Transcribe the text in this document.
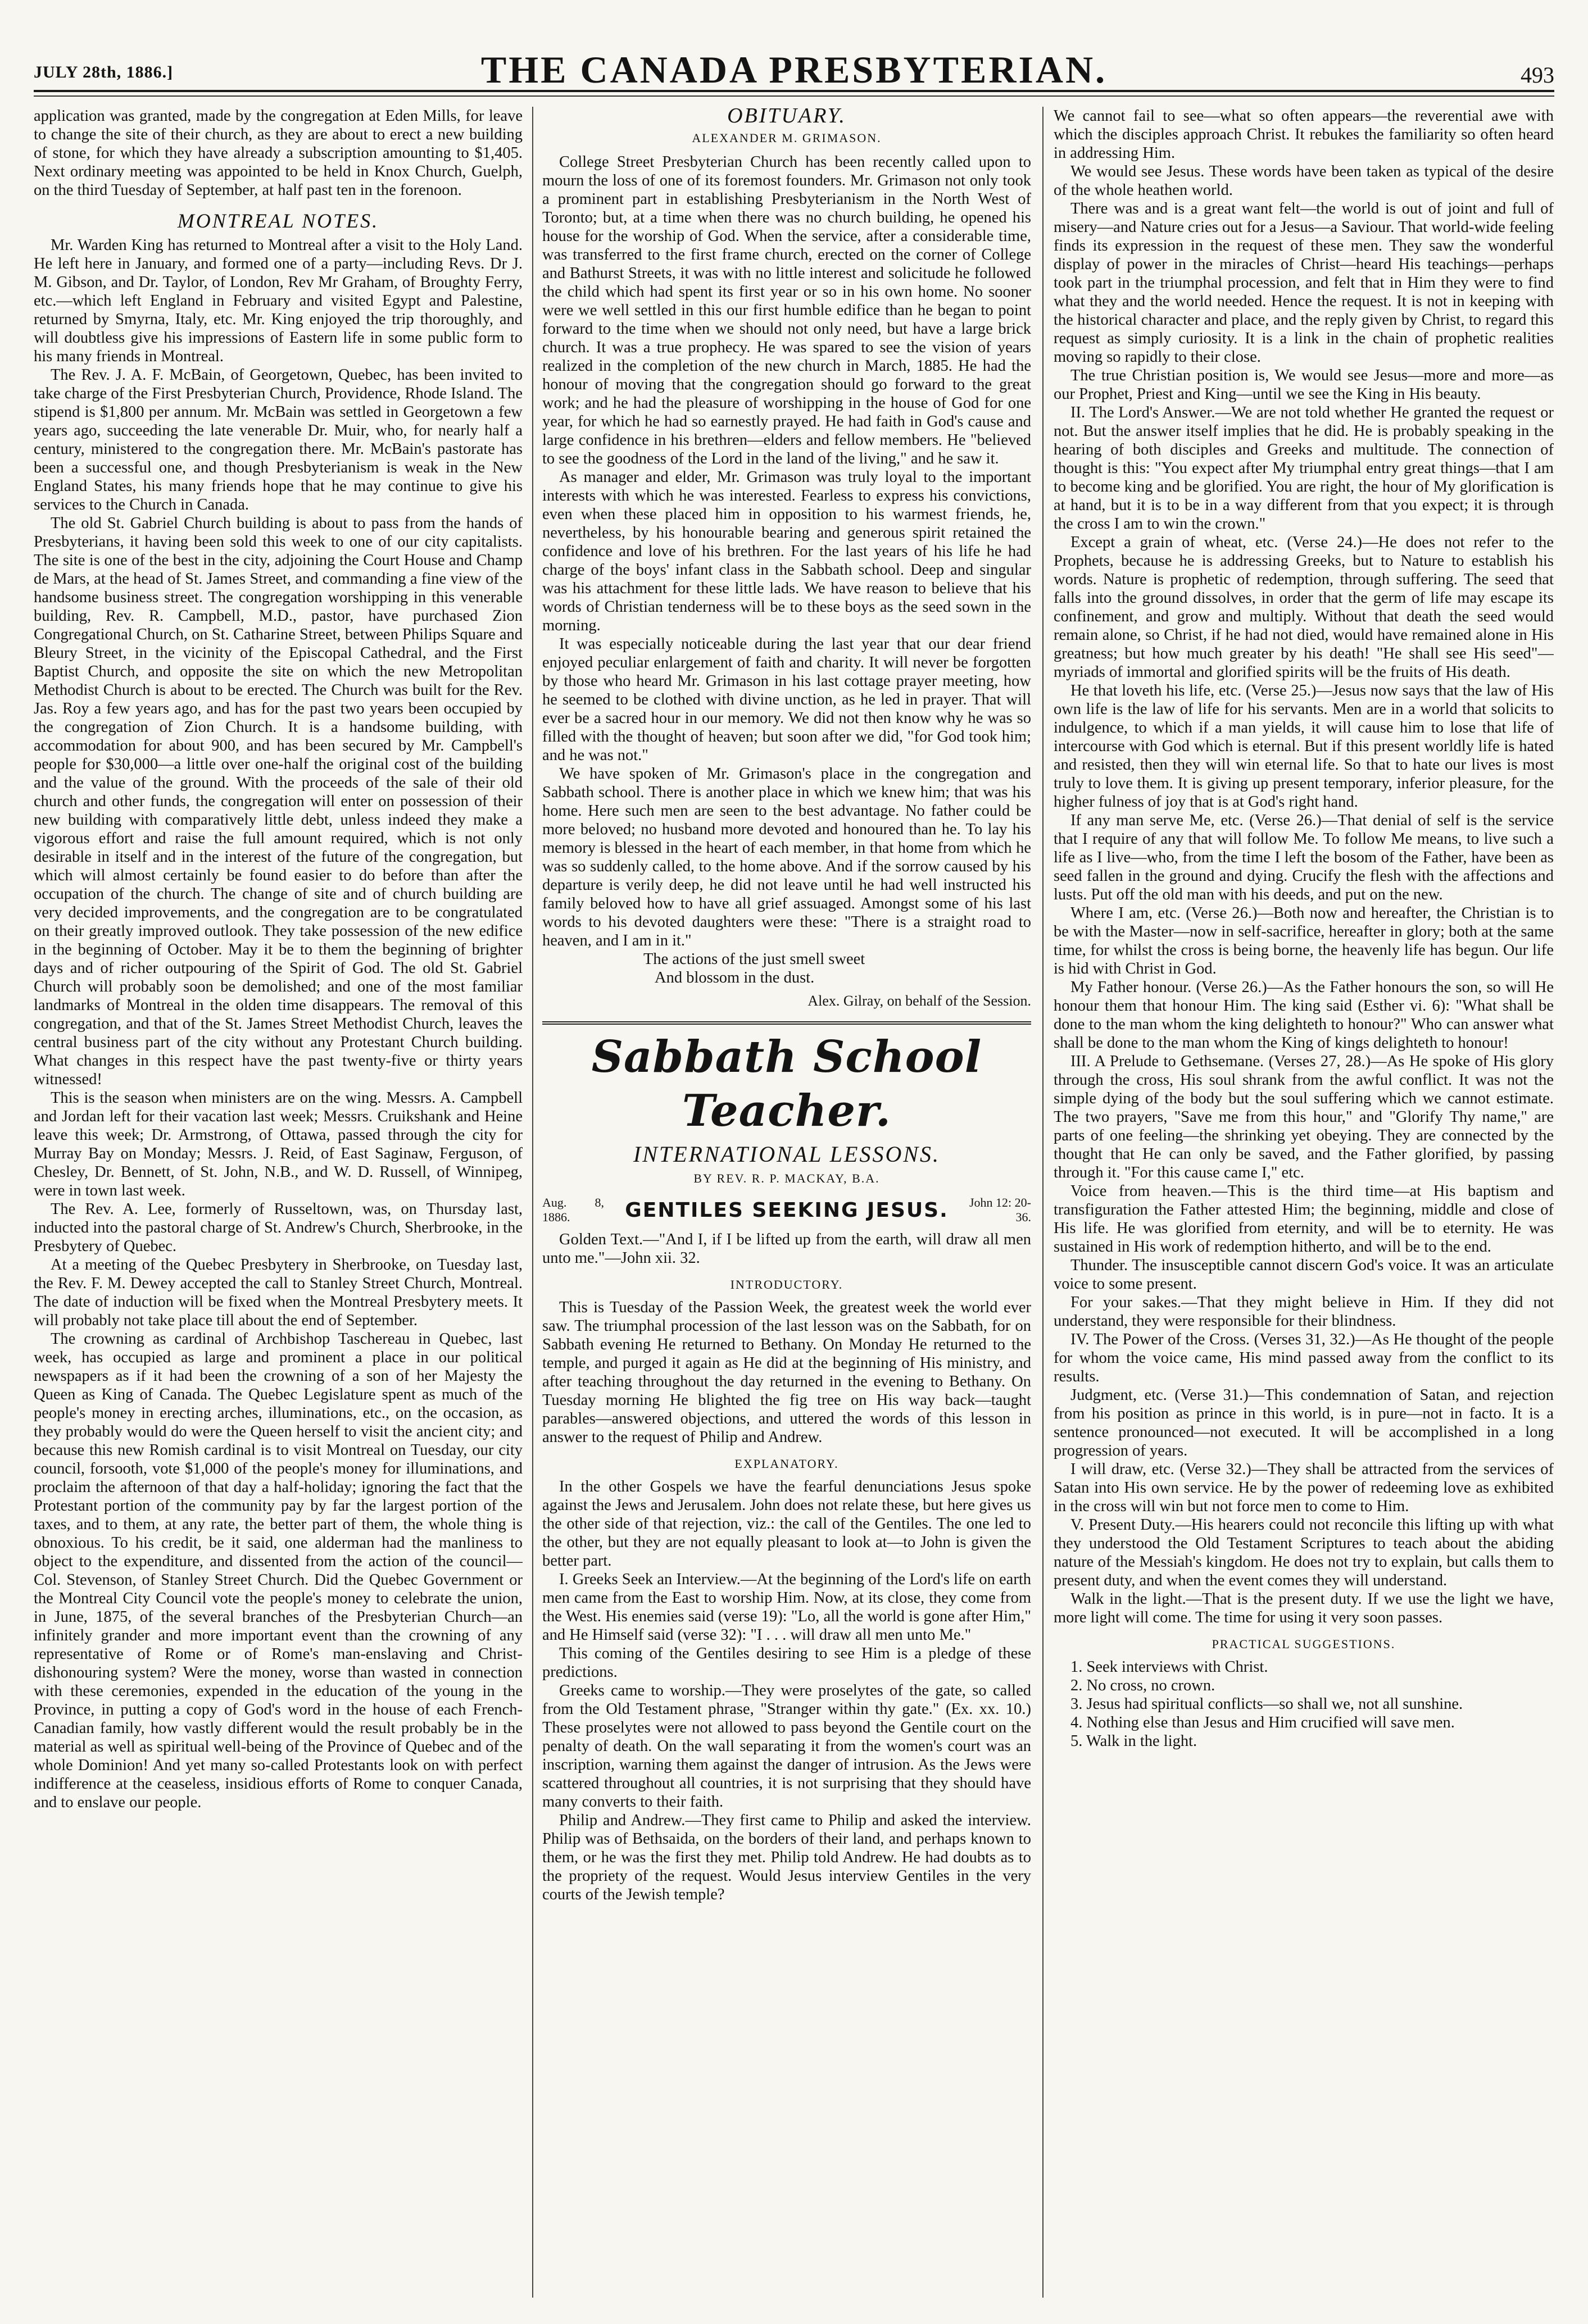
JULY 28th, 1886.]	THE CANADA PRESBYTERIAN.	493

application was granted, made by the congregation at Eden Mills, for leave to change the site of their church, as they are about to erect a new building of stone, for which they have already a subscription amounting to $1,405. Next ordinary meeting was appointed to be held in Knox Church, Guelph, on the third Tuesday of September, at half past ten in the forenoon.

MONTREAL NOTES.

Mr. Warden King has returned to Montreal after a visit to the Holy Land. He left here in January, and formed one of a party—including Revs. Dr J. M. Gibson, and Dr. Taylor, of London, Rev Mr Graham, of Broughty Ferry, etc.—which left England in February and visited Egypt and Palestine, returned by Smyrna, Italy, etc. Mr. King enjoyed the trip thoroughly, and will doubtless give his impressions of Eastern life in some public form to his many friends in Montreal.

The Rev. J. A. F. McBain, of Georgetown, Quebec, has been invited to take charge of the First Presbyterian Church, Providence, Rhode Island. The stipend is $1,800 per annum. Mr. McBain was settled in Georgetown a few years ago, succeeding the late venerable Dr. Muir, who, for nearly half a century, ministered to the congregation there. Mr. McBain's pastorate has been a successful one, and though Presbyterianism is weak in the New England States, his many friends hope that he may continue to give his services to the Church in Canada.

The old St. Gabriel Church building is about to pass from the hands of Presbyterians, it having been sold this week to one of our city capitalists. The site is one of the best in the city, adjoining the Court House and Champ de Mars, at the head of St. James Street, and commanding a fine view of the handsome business street. The congregation worshipping in this venerable building, Rev. R. Campbell, M.D., pastor, have purchased Zion Congregational Church, on St. Catharine Street, between Philips Square and Bleury Street, in the vicinity of the Episcopal Cathedral, and the First Baptist Church, and opposite the site on which the new Metropolitan Methodist Church is about to be erected. The Church was built for the Rev. Jas. Roy a few years ago, and has for the past two years been occupied by the congregation of Zion Church. It is a handsome building, with accommodation for about 900, and has been secured by Mr. Campbell's people for $30,000—a little over one-half the original cost of the building and the value of the ground. With the proceeds of the sale of their old church and other funds, the congregation will enter on possession of their new building with comparatively little debt, unless indeed they make a vigorous effort and raise the full amount required, which is not only desirable in itself and in the interest of the future of the congregation, but which will almost certainly be found easier to do before than after the occupation of the church. The change of site and of church building are very decided improvements, and the congregation are to be congratulated on their greatly improved outlook. They take possession of the new edifice in the beginning of October. May it be to them the beginning of brighter days and of richer outpouring of the Spirit of God. The old St. Gabriel Church will probably soon be demolished; and one of the most familiar landmarks of Montreal in the olden time disappears. The removal of this congregation, and that of the St. James Street Methodist Church, leaves the central business part of the city without any Protestant Church building. What changes in this respect have the past twenty-five or thirty years witnessed!

This is the season when ministers are on the wing. Messrs. A. Campbell and Jordan left for their vacation last week; Messrs. Cruikshank and Heine leave this week; Dr. Armstrong, of Ottawa, passed through the city for Murray Bay on Monday; Messrs. J. Reid, of East Saginaw, Ferguson, of Chesley, Dr. Bennett, of St. John, N.B., and W. D. Russell, of Winnipeg, were in town last week.

The Rev. A. Lee, formerly of Russeltown, was, on Thursday last, inducted into the pastoral charge of St. Andrew's Church, Sherbrooke, in the Presbytery of Quebec.

At a meeting of the Quebec Presbytery in Sherbrooke, on Tuesday last, the Rev. F. M. Dewey accepted the call to Stanley Street Church, Montreal. The date of induction will be fixed when the Montreal Presbytery meets. It will probably not take place till about the end of September.

The crowning as cardinal of Archbishop Taschereau in Quebec, last week, has occupied as large and prominent a place in our political newspapers as if it had been the crowning of a son of her Majesty the Queen as King of Canada. The Quebec Legislature spent as much of the people's money in erecting arches, illuminations, etc., on the occasion, as they probably would do were the Queen herself to visit the ancient city; and because this new Romish cardinal is to visit Montreal on Tuesday, our city council, forsooth, vote $1,000 of the people's money for illuminations, and proclaim the afternoon of that day a half-holiday; ignoring the fact that the Protestant portion of the community pay by far the largest portion of the taxes, and to them, at any rate, the better part of them, the whole thing is obnoxious. To his credit, be it said, one alderman had the manliness to object to the expenditure, and dissented from the action of the council—Col. Stevenson, of Stanley Street Church. Did the Quebec Government or the Montreal City Council vote the people's money to celebrate the union, in June, 1875, of the several branches of the Presbyterian Church—an infinitely grander and more important event than the crowning of any representative of Rome or of Rome's man-enslaving and Christ-dishonouring system? Were the money, worse than wasted in connection with these ceremonies, expended in the education of the young in the Province, in putting a copy of God's word in the house of each French-Canadian family, how vastly different would the result probably be in the material as well as spiritual well-being of the Province of Quebec and of the whole Dominion! And yet many so-called Protestants look on with perfect indifference at the ceaseless, insidious efforts of Rome to conquer Canada, and to enslave our people.

OBITUARY.
ALEXANDER M. GRIMASON.

College Street Presbyterian Church has been recently called upon to mourn the loss of one of its foremost founders. Mr. Grimason not only took a prominent part in establishing Presbyterianism in the North West of Toronto; but, at a time when there was no church building, he opened his house for the worship of God. When the service, after a considerable time, was transferred to the first frame church, erected on the corner of College and Bathurst Streets, it was with no little interest and solicitude he followed the child which had spent its first year or so in his own home. No sooner were we well settled in this our first humble edifice than he began to point forward to the time when we should not only need, but have a large brick church. It was a true prophecy. He was spared to see the vision of years realized in the completion of the new church in March, 1885. He had the honour of moving that the congregation should go forward to the great work; and he had the pleasure of worshipping in the house of God for one year, for which he had so earnestly prayed. He had faith in God's cause and large confidence in his brethren—elders and fellow members. He "believed to see the goodness of the Lord in the land of the living," and he saw it.

As manager and elder, Mr. Grimason was truly loyal to the important interests with which he was interested. Fearless to express his convictions, even when these placed him in opposition to his warmest friends, he, nevertheless, by his honourable bearing and generous spirit retained the confidence and love of his brethren. For the last years of his life he had charge of the boys' infant class in the Sabbath school. Deep and singular was his attachment for these little lads. We have reason to believe that his words of Christian tenderness will be to these boys as the seed sown in the morning.

It was especially noticeable during the last year that our dear friend enjoyed peculiar enlargement of faith and charity. It will never be forgotten by those who heard Mr. Grimason in his last cottage prayer meeting, how he seemed to be clothed with divine unction, as he led in prayer. That will ever be a sacred hour in our memory. We did not then know why he was so filled with the thought of heaven; but soon after we did, "for God took him; and he was not."

We have spoken of Mr. Grimason's place in the congregation and Sabbath school. There is another place in which we knew him; that was his home. Here such men are seen to the best advantage. No father could be more beloved; no husband more devoted and honoured than he. To lay his memory is blessed in the heart of each member, in that home from which he was so suddenly called, to the home above. And if the sorrow caused by his departure is verily deep, he did not leave until he had well instructed his family beloved how to have all grief assuaged. Amongst some of his last words to his devoted daughters were these: "There is a straight road to heaven, and I am in it."

The actions of the just smell sweet

And blossom in the dust.

Alex. Gilray, on behalf of the Session.
Sabbath School Teacher.
INTERNATIONAL LESSONS.
BY REV. R. P. MACKAY, B.A.
Aug. 8, 1886.	GENTILES SEEKING JESUS. John 12: 20-36.

Golden Text.—"And I, if I be lifted up from the earth, will draw all men unto me."—John xii. 32.

INTRODUCTORY.

This is Tuesday of the Passion Week, the greatest week the world ever saw. The triumphal procession of the last lesson was on the Sabbath, for on Sabbath evening He returned to Bethany. On Monday He returned to the temple, and purged it again as He did at the beginning of His ministry, and after teaching throughout the day returned in the evening to Bethany. On Tuesday morning He blighted the fig tree on His way back—taught parables—answered objections, and uttered the words of this lesson in answer to the request of Philip and Andrew.

EXPLANATORY.

In the other Gospels we have the fearful denunciations Jesus spoke against the Jews and Jerusalem. John does not relate these, but here gives us the other side of that rejection, viz.: the call of the Gentiles. The one led to the other, but they are not equally pleasant to look at—to John is given the better part.

I. Greeks Seek an Interview.—At the beginning of the Lord's life on earth men came from the East to worship Him. Now, at its close, they come from the West. His enemies said (verse 19): "Lo, all the world is gone after Him," and He Himself said (verse 32): "I . . . will draw all men unto Me."

This coming of the Gentiles desiring to see Him is a pledge of these predictions.

Greeks came to worship.—They were proselytes of the gate, so called from the Old Testament phrase, "Stranger within thy gate." (Ex. xx. 10.) These proselytes were not allowed to pass beyond the Gentile court on the penalty of death. On the wall separating it from the women's court was an inscription, warning them against the danger of intrusion. As the Jews were scattered throughout all countries, it is not surprising that they should have many converts to their faith.

Philip and Andrew.—They first came to Philip and asked the interview. Philip was of Bethsaida, on the borders of their land, and perhaps known to them, or he was the first they met. Philip told Andrew. He had doubts as to the propriety of the request. Would Jesus interview Gentiles in the very courts of the Jewish temple?

We cannot fail to see—what so often appears—the reverential awe with which the disciples approach Christ. It rebukes the familiarity so often heard in addressing Him.

We would see Jesus. These words have been taken as typical of the desire of the whole heathen world.

There was and is a great want felt—the world is out of joint and full of misery—and Nature cries out for a Jesus—a Saviour. That world-wide feeling finds its expression in the request of these men. They saw the wonderful display of power in the miracles of Christ—heard His teachings—perhaps took part in the triumphal procession, and felt that in Him they were to find what they and the world needed. Hence the request. It is not in keeping with the historical character and place, and the reply given by Christ, to regard this request as simply curiosity. It is a link in the chain of prophetic realities moving so rapidly to their close.

The true Christian position is, We would see Jesus—more and more—as our Prophet, Priest and King—until we see the King in His beauty.

II. The Lord's Answer.—We are not told whether He granted the request or not. But the answer itself implies that he did. He is probably speaking in the hearing of both disciples and Greeks and multitude. The connection of thought is this: "You expect after My triumphal entry great things—that I am to become king and be glorified. You are right, the hour of My glorification is at hand, but it is to be in a way different from that you expect; it is through the cross I am to win the crown."

Except a grain of wheat, etc. (Verse 24.)—He does not refer to the Prophets, because he is addressing Greeks, but to Nature to establish his words. Nature is prophetic of redemption, through suffering. The seed that falls into the ground dissolves, in order that the germ of life may escape its confinement, and grow and multiply. Without that death the seed would remain alone, so Christ, if he had not died, would have remained alone in His greatness; but how much greater by his death! "He shall see His seed"—myriads of immortal and glorified spirits will be the fruits of His death.

He that loveth his life, etc. (Verse 25.)—Jesus now says that the law of His own life is the law of life for his servants. Men are in a world that solicits to indulgence, to which if a man yields, it will cause him to lose that life of intercourse with God which is eternal. But if this present worldly life is hated and resisted, then they will win eternal life. So that to hate our lives is most truly to love them. It is giving up present temporary, inferior pleasure, for the higher fulness of joy that is at God's right hand.

If any man serve Me, etc. (Verse 26.)—That denial of self is the service that I require of any that will follow Me. To follow Me means, to live such a life as I live—who, from the time I left the bosom of the Father, have been as seed fallen in the ground and dying. Crucify the flesh with the affections and lusts. Put off the old man with his deeds, and put on the new.

Where I am, etc. (Verse 26.)—Both now and hereafter, the Christian is to be with the Master—now in self-sacrifice, hereafter in glory; both at the same time, for whilst the cross is being borne, the heavenly life has begun. Our life is hid with Christ in God.

My Father honour. (Verse 26.)—As the Father honours the son, so will He honour them that honour Him. The king said (Esther vi. 6): "What shall be done to the man whom the king delighteth to honour?" Who can answer what shall be done to the man whom the King of kings delighteth to honour!

III. A Prelude to Gethsemane. (Verses 27, 28.)—As He spoke of His glory through the cross, His soul shrank from the awful conflict. It was not the simple dying of the body but the soul suffering which we cannot estimate. The two prayers, "Save me from this hour," and "Glorify Thy name," are parts of one feeling—the shrinking yet obeying. They are connected by the thought that He can only be saved, and the Father glorified, by passing through it. "For this cause came I," etc.

Voice from heaven.—This is the third time—at His baptism and transfiguration the Father attested Him; the beginning, middle and close of His life. He was glorified from eternity, and will be to eternity. He was sustained in His work of redemption hitherto, and will be to the end.

Thunder. The insusceptible cannot discern God's voice. It was an articulate voice to some present.

For your sakes.—That they might believe in Him. If they did not understand, they were responsible for their blindness.

IV. The Power of the Cross. (Verses 31, 32.)—As He thought of the people for whom the voice came, His mind passed away from the conflict to its results.

Judgment, etc. (Verse 31.)—This condemnation of Satan, and rejection from his position as prince in this world, is in pure—not in facto. It is a sentence pronounced—not executed. It will be accomplished in a long progression of years.

I will draw, etc. (Verse 32.)—They shall be attracted from the services of Satan into His own service. He by the power of redeeming love as exhibited in the cross will win but not force men to come to Him.

V. Present Duty.—His hearers could not reconcile this lifting up with what they understood the Old Testament Scriptures to teach about the abiding nature of the Messiah's kingdom. He does not try to explain, but calls them to present duty, and when the event comes they will understand.

Walk in the light.—That is the present duty. If we use the light we have, more light will come. The time for using it very soon passes.

PRACTICAL SUGGESTIONS.

1. Seek interviews with Christ.

2. No cross, no crown.

3. Jesus had spiritual conflicts—so shall we, not all sunshine.

4. Nothing else than Jesus and Him crucified will save men.

5. Walk in the light.
